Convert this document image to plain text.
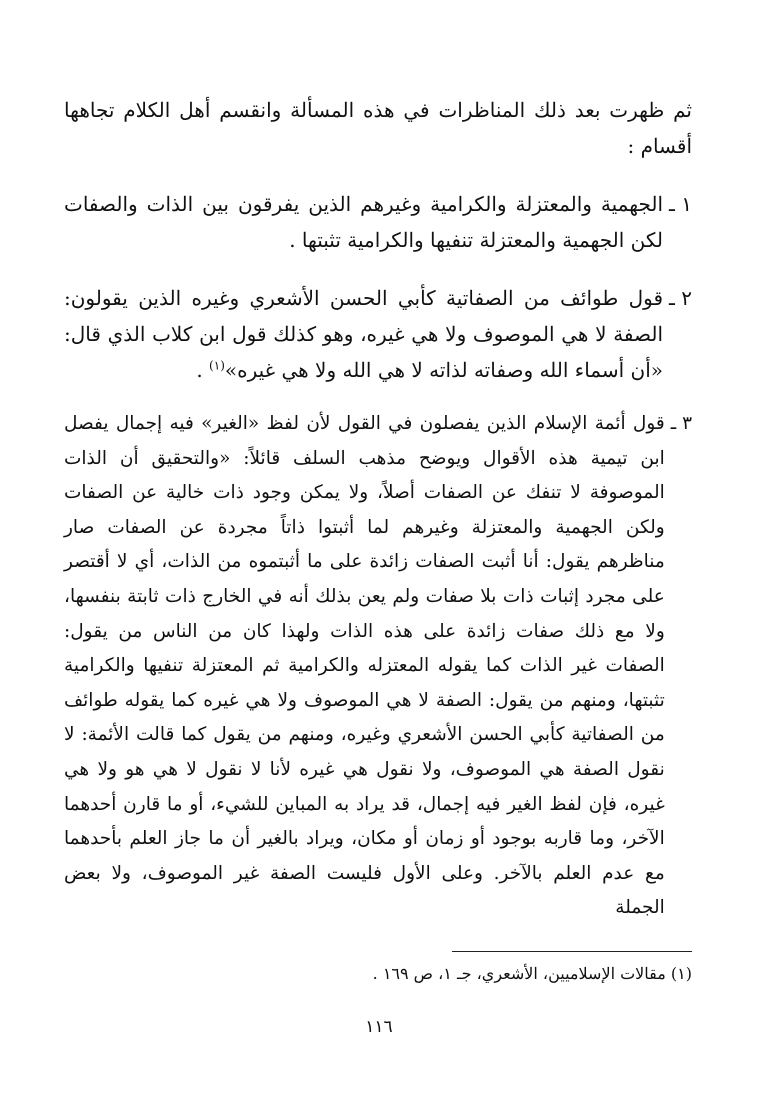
ثم ظهرت بعد ذلك المناظرات في هذه المسألة وانقسم أهل الكلام تجاهها أقسام :

١ ـ

الجهمية والمعتزلة والكرامية وغيرهم الذين يفرقون بين الذات والصفات لكن الجهمية والمعتزلة تنفيها والكرامية تثبتها .

٢ ـ

قول طوائف من الصفاتية كأبي الحسن الأشعري وغيره الذين يقولون: الصفة لا هي الموصوف ولا هي غيره، وهو كذلك قول ابن كلاب الذي قال: «أن أسماء الله وصفاته لذاته لا هي الله ولا هي غيره»$^{(١)}$ .

٣ ـ

قول أئمة الإسلام الذين يفصلون في القول لأن لفظ «الغير» فيه إجمال يفصل ابن تيمية هذه الأقوال ويوضح مذهب السلف قائلاً: «والتحقيق أن الذات الموصوفة لا تنفك عن الصفات أصلاً، ولا يمكن وجود ذات خالية عن الصفات ولكن الجهمية والمعتزلة وغيرهم لما أثبتوا ذاتاً مجردة عن الصفات صار مناظرهم يقول: أنا أثبت الصفات زائدة على ما أثبتموه من الذات، أي لا أقتصر على مجرد إثبات ذات بلا صفات ولم يعن بذلك أنه في الخارج ذات ثابتة بنفسها، ولا مع ذلك صفات زائدة على هذه الذات ولهذا كان من الناس من يقول: الصفات غير الذات كما يقوله المعتزله والكرامية ثم المعتزلة تنفيها والكرامية تثبتها، ومنهم من يقول: الصفة لا هي الموصوف ولا هي غيره كما يقوله طوائف من الصفاتية كأبي الحسن الأشعري وغيره، ومنهم من يقول كما قالت الأئمة: لا نقول الصفة هي الموصوف، ولا نقول هي غيره لأنا لا نقول لا هي هو ولا هي غيره، فإن لفظ الغير فيه إجمال، قد يراد به المباين للشيء، أو ما قارن أحدهما الآخر، وما قاربه بوجود أو زمان أو مكان، ويراد بالغير أن ما جاز العلم بأحدهما مع عدم العلم بالآخر. وعلى الأول فليست الصفة غير الموصوف، ولا بعض الجملة

(١) مقالات الإسلاميين، الأشعري، جـ ١، ص ١٦٩ .

١١٦
